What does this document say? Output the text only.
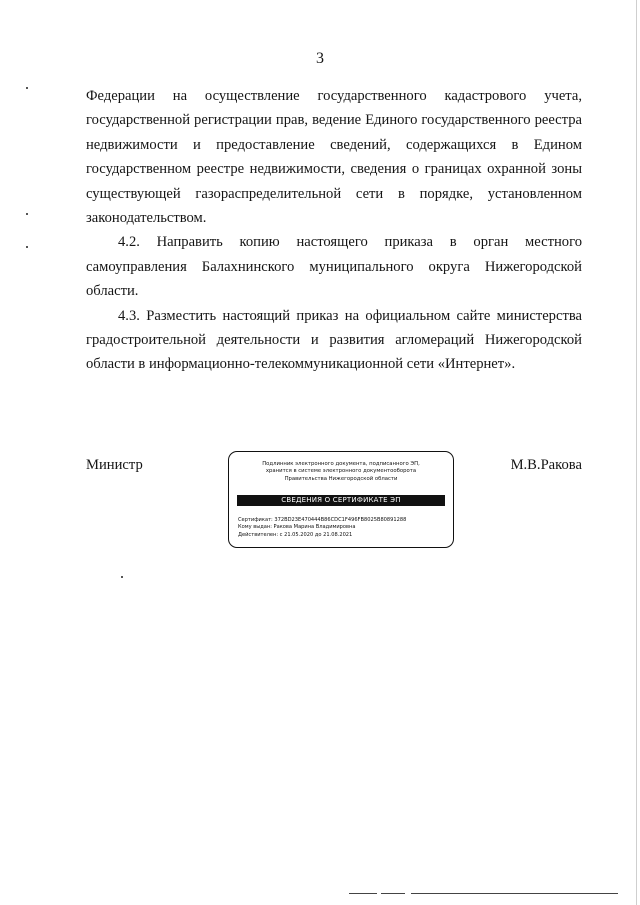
3

Федерации на осуществление государственного кадастрового учета, государственной регистрации прав, ведение Единого государственного реестра недвижимости и предоставление сведений, содержащихся в Едином государственном реестре недвижимости, сведения о границах охранной зоны существующей газораспределительной сети в порядке, установленном законодательством.

4.2. Направить копию настоящего приказа в орган местного самоуправления Балахнинского муниципального округа Нижегородской области.

4.3. Разместить настоящий приказ на официальном сайте министерства градостроительной деятельности и развития агломераций Нижегородской области в информационно-телекоммуникационной сети «Интернет».

Министр	М.В.Ракова
Подлинник электронного документа, подписанного ЭП,
хранится в системе электронного документооборота
Правительства Нижегородской области
СВЕДЕНИЯ О СЕРТИФИКАТЕ ЭП
Сертификат: 372BD23E470444B86CDC1F496FB8025B80891288
Кому выдан: Ракова Марина Владимировна
Действителен: с 21.05.2020 до 21.08.2021
